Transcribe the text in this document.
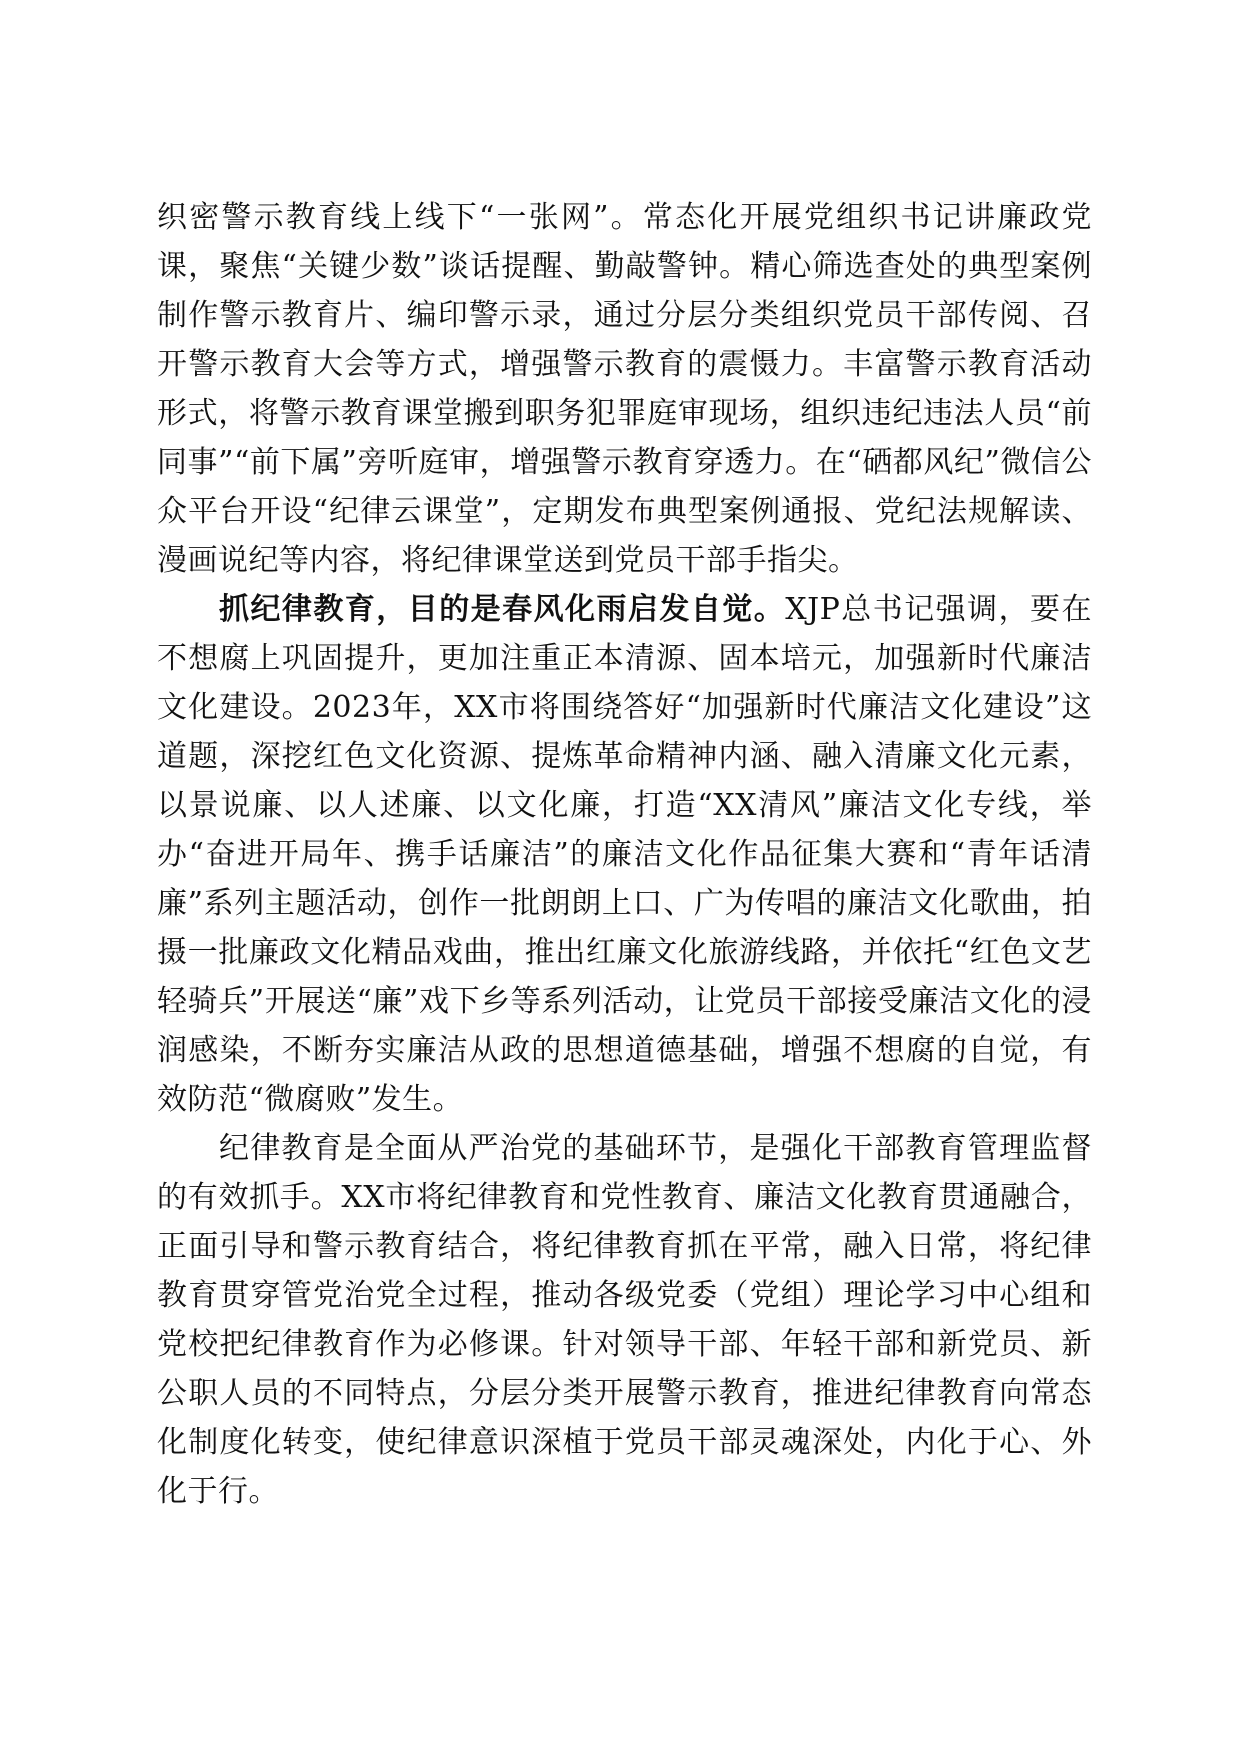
织密警示教育线上线下“一张网”。常态化开展党组织书记讲廉政党课，聚焦“关键少数”谈话提醒、勤敲警钟。精心筛选查处的典型案例制作警示教育片、编印警示录，通过分层分类组织党员干部传阅、召开警示教育大会等方式，增强警示教育的震慑力。丰富警示教育活动形式，将警示教育课堂搬到职务犯罪庭审现场，组织违纪违法人员“前同事”“前下属”旁听庭审，增强警示教育穿透力。在“硒都风纪”微信公众平台开设“纪律云课堂”，定期发布典型案例通报、党纪法规解读、漫画说纪等内容，将纪律课堂送到党员干部手指尖。

抓纪律教育，目的是春风化雨启发自觉。XJP总书记强调，要在不想腐上巩固提升，更加注重正本清源、固本培元，加强新时代廉洁文化建设。2023年，XX市将围绕答好“加强新时代廉洁文化建设”这道题，深挖红色文化资源、提炼革命精神内涵、融入清廉文化元素，以景说廉、以人述廉、以文化廉，打造“XX清风”廉洁文化专线，举办“奋进开局年、携手话廉洁”的廉洁文化作品征集大赛和“青年话清廉”系列主题活动，创作一批朗朗上口、广为传唱的廉洁文化歌曲，拍摄一批廉政文化精品戏曲，推出红廉文化旅游线路，并依托“红色文艺轻骑兵”开展送“廉”戏下乡等系列活动，让党员干部接受廉洁文化的浸润感染，不断夯实廉洁从政的思想道德基础，增强不想腐的自觉，有效防范“微腐败”发生。

纪律教育是全面从严治党的基础环节，是强化干部教育管理监督的有效抓手。XX市将纪律教育和党性教育、廉洁文化教育贯通融合，正面引导和警示教育结合，将纪律教育抓在平常，融入日常，将纪律教育贯穿管党治党全过程，推动各级党委（党组）理论学习中心组和党校把纪律教育作为必修课。针对领导干部、年轻干部和新党员、新公职人员的不同特点，分层分类开展警示教育，推进纪律教育向常态化制度化转变，使纪律意识深植于党员干部灵魂深处，内化于心、外化于行。
